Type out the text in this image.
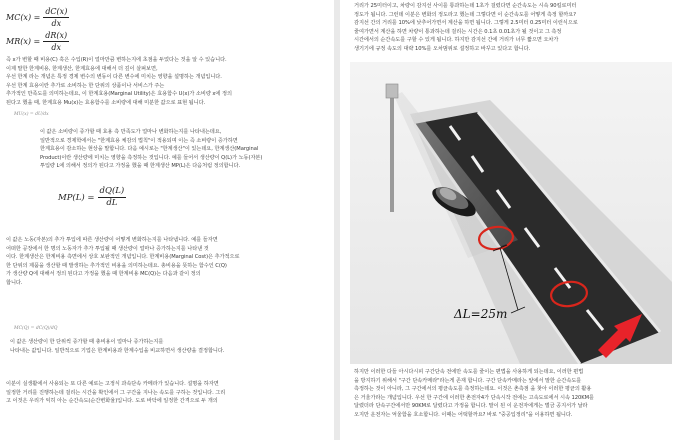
$MC(x) = \frac{dC(x)}{dx}$
$MR(x) = \frac{dR(x)}{dx}$

즉 x가 변할 때 비용(C) 혹은 수입(R)이 얼마만큼 변하는지에 초점을 두었다는 것을 알 수 있습니다.
이제 말한 한계비용, 한계생산, 한계효용에 대해서 더 깊이 살펴보면,
우선 한계 라는 개념은 특정 경제 변수의 변동이 다른 변수에 미치는 영향을 설명하는 개념입니다.
우선 한계 효용이란 추가로 소비하는 한 단위의 상품이나 서비스가 주는
추가적인 만족도를 의미하는데요, 이 한계효용(Marginal Utility)은 효용함수 U(x)가 소비량 x에 정의
된다고 했을 때, 한계효용 Mu(x)는 효용함수를 소비량에 대해 미분한 값으로 표현 됩니다.

MU(x) = dU/dx

이 값은 소비량이 증가할 때 효용 측 만족도가 얼마나 변화하는지를 나타내는데요,
일반적으로 경제학에서는 "한계효용 체감의 법칙"이 적용되며 이는 즉 소비량이 증가하면
한계효용이 감소하는 현상을 말합니다. 다음 예시로는 "한계생산"이 있는데요, 한계생산(Marginal
Product)이란 생산량에 미치는 영향을 측정하는 것입니다. 예를 들어서 생산량이 Q(L)가 노동(자본)
투입량 L에 의해서 정의가 된다고 가정을 했을 때 한계생산 MP(L)은 다음처럼 정의합니다.

$MP(L) = \frac{dQ(L)}{dL}$

이 값은 노동(자본)의 추가 투입에 따른 생산량이 어떻게 변화하는지를 나타냅니다. 예를 들자면
어떠한 공장에서 한 명의 노동자가 추가 투입될 때 생산량이 얼마나 증가하는지를 나타낸 것
이다. 한계생산은 한계비용 측면에서 상호 보완적인 개념입니다. 한계비용(Marginal Cost)은 추가적으로
한 단위의 제품을 생산할 때 발생하는 추가적인 비용을 의미하는데요. 총비용을 뜻하는 함수인 C(Q)
가 생산량 Q에 대해서 정의 된다고 가정을 했을 때 한계비용 MC(Q)는 다음과 같이 정의
합니다.

MC(Q) = dC(Q)/dQ

이 값은 생산량이 한 단위씩 증가할 때 총비용이 얼마나 증가하는지를
나타내는 값입니다. 일반적으로 기업은 한계비용과 한계수입을 비교하면서 생산량을 결정합니다.

이분이 실생활에서 사용되는 또 다른 예로는 고정식 과속단속 카메라가 있습니다. 설명을 하자면
일정한 거리를 진행하는데 걸리는 시간을 확인에서 그 구간을 지나는 속도를 구하는 것입니다. 그리
고 이것은 우리가 익히 아는 순간속도(순간변화율)입니다. 도로 바닥에 일정한 간격으로 두 개의

거리가 25미터이고, 차량이 감지선 사이를 통과하는데 1초가 걸렸다면 순간속도는 시속 90킬로미터
정도가 됩니다. 그런데 이분은 변화의 정도라고 했는데 그렇다면 이 순간속도를 어떻게 측정 할까요?
감지선 간의 거리를 10%에 낮추어가면서 계산을 하면 됩니다. 그렇게 2.5미터 0.25미터 이런식으로
줄여가면서 계산을 하면 차량이 통과하는데 걸리는 시간은 0.1초 0.01초가 될 것이고 그 측정
시간에서의 순간속도를 구할 수 있게 됩니다. 하지만 감지선 간에 거리가 너무 짧으면 오차가
생기기에 규정 속도의 대략 10%를 오차범위로 설정하고 바꾸고 있다고 합니다.

ΔL=25m

하지만 이러한 다들 아시다시피 구간단속 전에만 속도를 줄이는 편법을 사용하게 되는데요, 이러한 편법
을 방지하기 위해서 "구간 단속카메라"라는게 존재 합니다. 구간 단속카메라는 앞에서 말한 순간속도를
측정하는 것이 아니라, 그 구간에서의 평균속도를 측정하는데요. 이것은 촌측점 을 찾아 이러한 평균의 활용
은 거울가라는 개념입니다. 우선 한 구간에 이러한 촌전자4가 단속시작 전에는 고속도로에서 시속 120KM를
달렸더라 단속구간에서만 90KM로 달렸다고 가정을 합니다. 말이 된 이 운전자에게는 벌금 공지서가 날라
오지만 운전자는 억울함을 호소합니다. 이때는 어떡할까요? 바로 "중공입정리"을 이용하면 됩니다.
